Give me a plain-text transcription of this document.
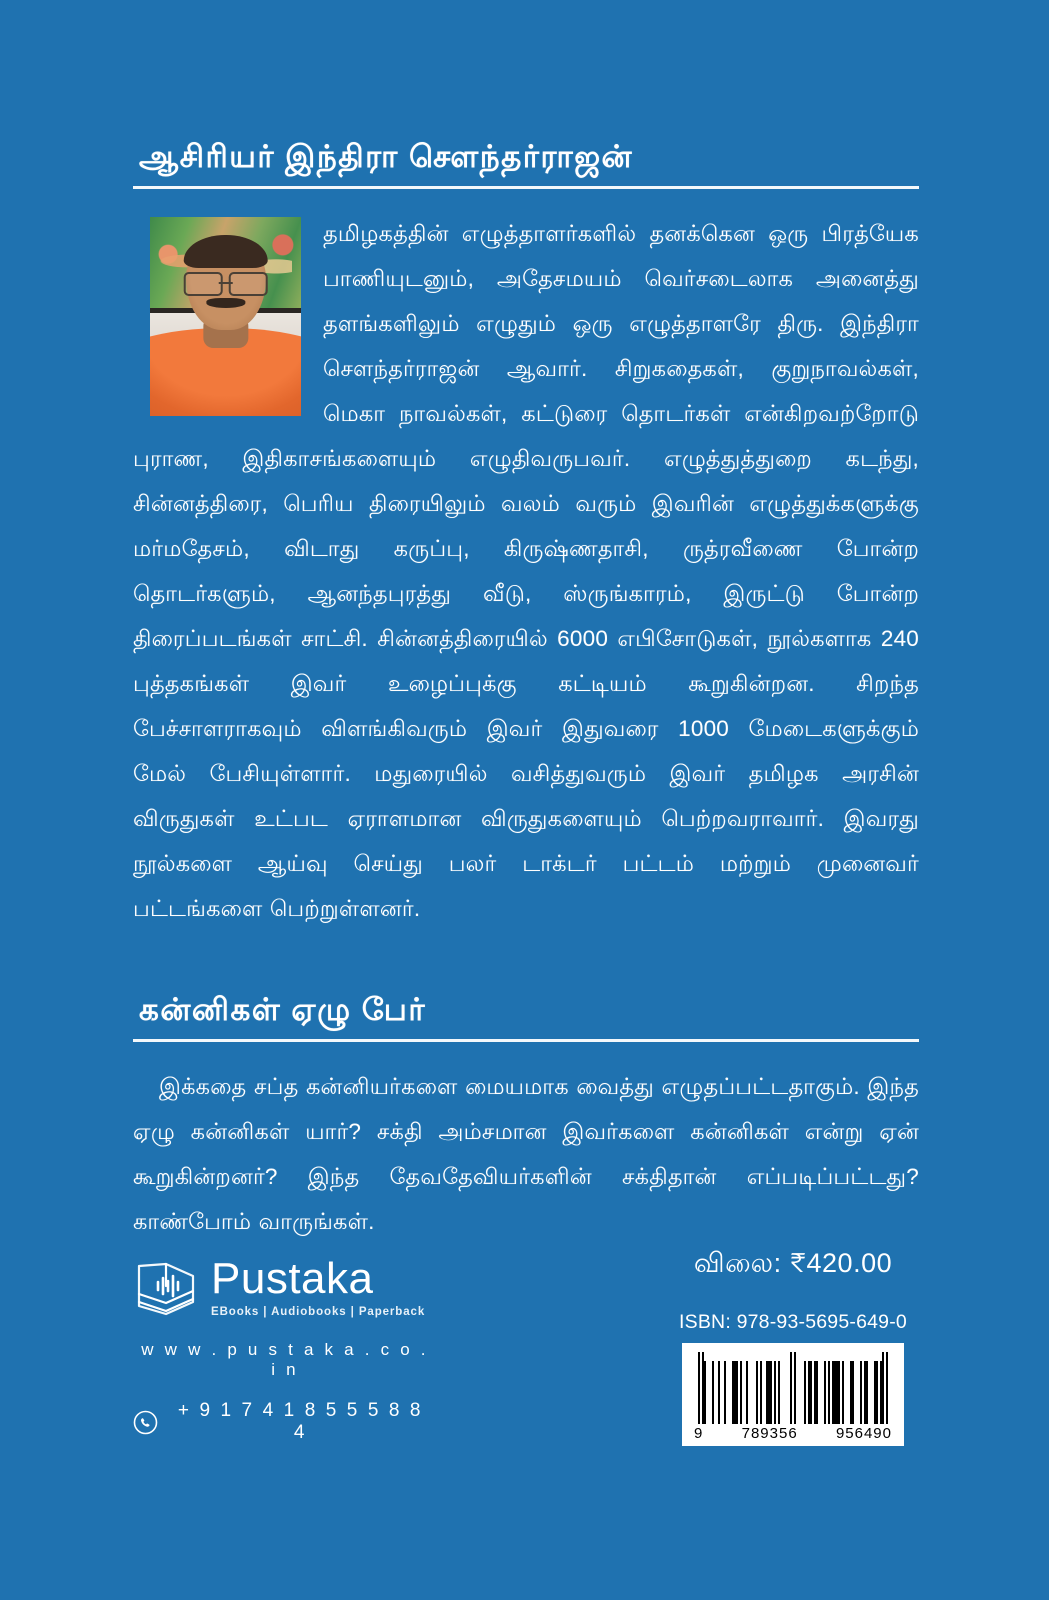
ஆசிரியர் இந்திரா சௌந்தர்ராஜன்
தமிழகத்தின் எழுத்தாளர்களில் தனக்கென ஒரு பிரத்யேக பாணியுடனும், அதேசமயம் வெர்சடைலாக அனைத்து தளங்களிலும் எழுதும் ஒரு எழுத்தாளரே திரு. இந்திரா சௌந்தர்ராஜன் ஆவார். சிறுகதைகள், குறுநாவல்கள், மெகா நாவல்கள், கட்டுரை தொடர்கள் என்கிறவற்றோடு புராண, இதிகாசங்களையும் எழுதிவருபவர். எழுத்துத்துறை கடந்து, சின்னத்திரை, பெரிய திரையிலும் வலம் வரும் இவரின் எழுத்துக்களுக்கு மர்மதேசம், விடாது கருப்பு, கிருஷ்ணதாசி, ருத்ரவீணை போன்ற தொடர்களும், ஆனந்தபுரத்து வீடு, ஸ்ருங்காரம், இருட்டு போன்ற திரைப்படங்கள் சாட்சி. சின்னத்திரையில் 6000 எபிசோடுகள், நூல்களாக 240 புத்தகங்கள் இவர் உழைப்புக்கு கட்டியம் கூறுகின்றன. சிறந்த பேச்சாளராகவும் விளங்கிவரும் இவர் இதுவரை 1000 மேடைகளுக்கும் மேல் பேசியுள்ளார். மதுரையில் வசித்துவரும் இவர் தமிழக அரசின் விருதுகள் உட்பட ஏராளமான விருதுகளையும் பெற்றவராவார். இவரது நூல்களை ஆய்வு செய்து பலர் டாக்டர் பட்டம் மற்றும் முனைவர் பட்டங்களை பெற்றுள்ளனர்.
கன்னிகள் ஏழு பேர்
இக்கதை சப்த கன்னியர்களை மையமாக வைத்து எழுதப்பட்டதாகும். இந்த ஏழு கன்னிகள் யார்? சக்தி அம்சமான இவர்களை கன்னிகள் என்று ஏன் கூறுகின்றனர்? இந்த தேவதேவியர்களின் சக்திதான் எப்படிப்பட்டது? காண்போம் வாருங்கள்.
Pustaka
EBooks | Audiobooks | Paperback
w w w . p u s t a k a . c o . i n
+ 9 1 7 4 1 8 5 5 5 8 8 4
விலை: ₹420.00
ISBN: 978-93-5695-649-0
9	789356	956490
